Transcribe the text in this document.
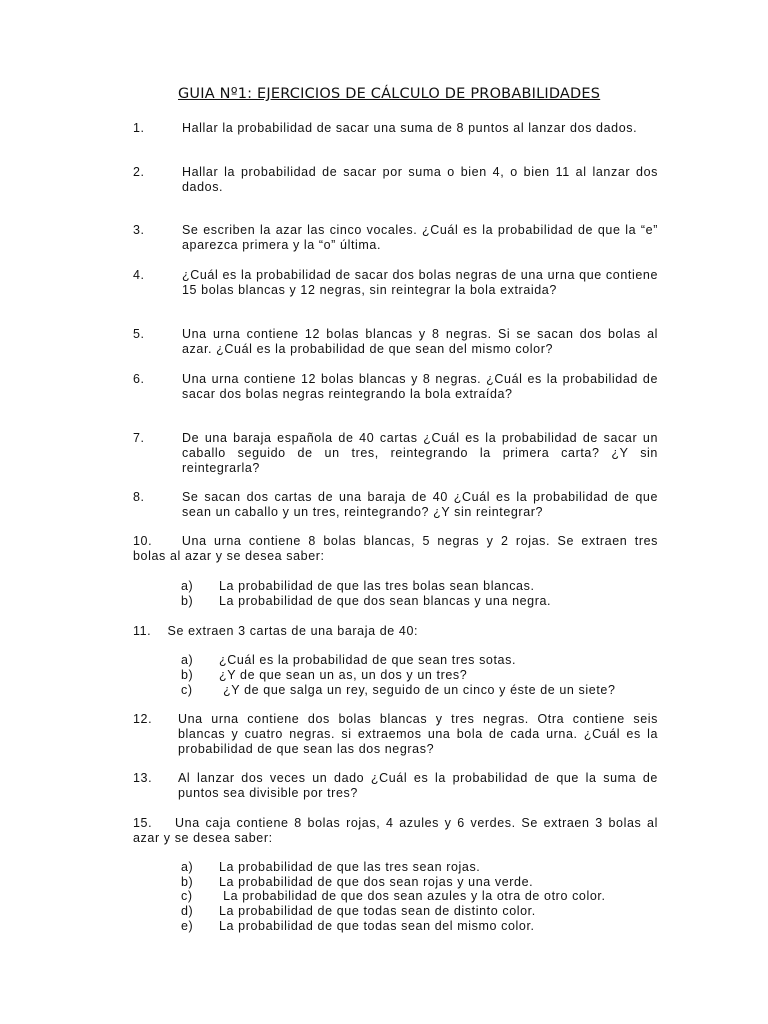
GUIA Nº1: EJERCICIOS DE CÁLCULO DE PROBABILIDADES
1.	Hallar la probabilidad de sacar una suma de 8 puntos al lanzar dos dados.
2.	Hallar la probabilidad de sacar por suma o bien 4, o bien 11 al lanzar dos dados.
3.	Se escriben la azar las cinco vocales. ¿Cuál es la probabilidad de que la “e” aparezca primera y la “o” última.
4.	¿Cuál es la probabilidad de sacar dos bolas negras de una urna que contiene 15 bolas blancas y 12 negras, sin reintegrar la bola extraida?
5.	Una urna contiene 12 bolas blancas y 8 negras. Si se sacan dos bolas al azar. ¿Cuál es la probabilidad de que sean del mismo color?
6.	Una urna contiene 12 bolas blancas y 8 negras. ¿Cuál es la probabilidad de sacar dos bolas negras reintegrando la bola extraída?
7.	De una baraja española de 40 cartas ¿Cuál es la probabilidad de sacar un caballo seguido de un tres, reintegrando la primera carta? ¿Y sin reintegrarla?
8.	Se sacan dos cartas de una baraja de 40 ¿Cuál es la probabilidad de que sean un caballo y un tres, reintegrando? ¿Y sin reintegrar?
10.    Una urna contiene 8 bolas blancas, 5 negras y 2 rojas. Se extraen tres
bolas al azar y se desea saber:
a) La probabilidad de que las tres bolas sean blancas.
b) La probabilidad de que dos sean blancas y una negra.
11.    Se extraen 3 cartas de una baraja de 40:
a) ¿Cuál es la probabilidad de que sean tres sotas.
b) ¿Y de que sean un as, un dos y un tres?
c) ¿Y de que salga un rey, seguido de un cinco y éste de un siete?
12. Una urna contiene dos bolas blancas y tres negras. Otra contiene seis blancas y cuatro negras. si extraemos una bola de cada urna. ¿Cuál es la probabilidad de que sean las dos negras?
13. Al lanzar dos veces un dado ¿Cuál es la probabilidad de que la suma de puntos sea divisible por tres?
15.    Una caja contiene 8 bolas rojas, 4 azules y 6 verdes. Se extraen 3 bolas al
azar y se desea saber:
a) La probabilidad de que las tres sean rojas.
b) La probabilidad de que dos sean rojas y una verde.
c) La probabilidad de que dos sean azules y la otra de otro color.
d) La probabilidad de que todas sean de distinto color.
e) La probabilidad de que todas sean del mismo color.
